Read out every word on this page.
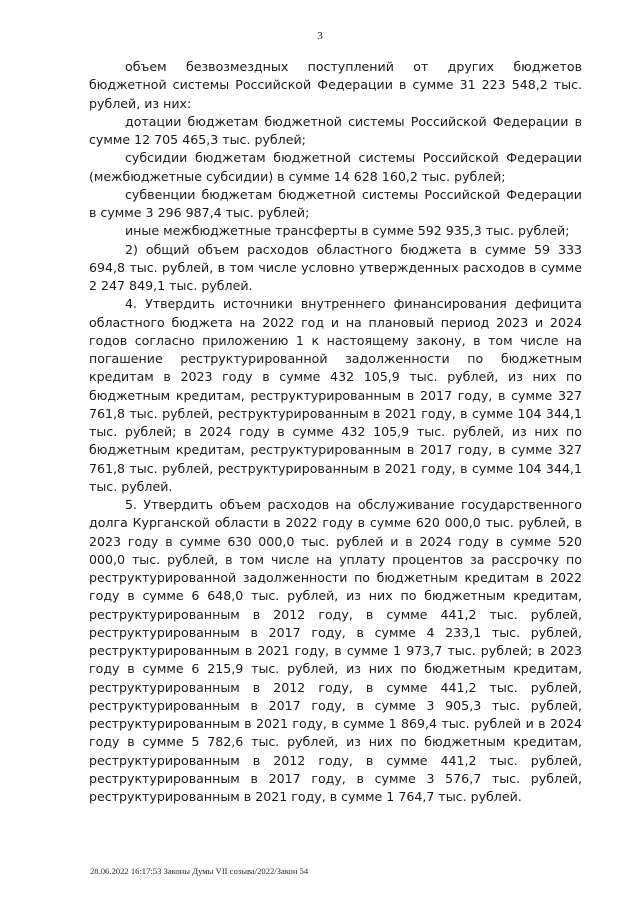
3

объем безвозмездных поступлений от других бюджетов бюджетной системы Российской Федерации в сумме 31 223 548,2 тыс. рублей, из них:

дотации бюджетам бюджетной системы Российской Федерации в сумме 12 705 465,3 тыс. рублей;

субсидии бюджетам бюджетной системы Российской Федерации (межбюджетные субсидии) в сумме 14 628 160,2 тыс. рублей;

субвенции бюджетам бюджетной системы Российской Федерации в сумме 3 296 987,4 тыс. рублей;

иные межбюджетные трансферты в сумме 592 935,3 тыс. рублей;

2) общий объем расходов областного бюджета в сумме 59 333 694,8 тыс. рублей, в том числе условно утвержденных расходов в сумме 2 247 849,1 тыс. рублей.

4. Утвердить источники внутреннего финансирования дефицита областного бюджета на 2022 год и на плановый период 2023 и 2024 годов согласно приложению 1 к настоящему закону, в том числе на погашение реструктурированной задолженности по бюджетным кредитам в 2023 году в сумме 432 105,9 тыс. рублей, из них по бюджетным кредитам, реструктурированным в 2017 году, в сумме 327 761,8 тыс. рублей, реструктурированным в 2021 году, в сумме 104 344,1 тыс. рублей; в 2024 году в сумме 432 105,9 тыс. рублей, из них по бюджетным кредитам, реструктурированным в 2017 году, в сумме 327 761,8 тыс. рублей, реструктурированным в 2021 году, в сумме 104 344,1 тыс. рублей.

5. Утвердить объем расходов на обслуживание государственного долга Курганской области в 2022 году в сумме 620 000,0 тыс. рублей, в 2023 году в сумме 630 000,0 тыс. рублей и в 2024 году в сумме 520 000,0 тыс. рублей, в том числе на уплату процентов за рассрочку по реструктурированной задолженности по бюджетным кредитам в 2022 году в сумме 6 648,0 тыс. рублей, из них по бюджетным кредитам, реструктурированным в 2012 году, в сумме 441,2 тыс. рублей, реструктурированным в 2017 году, в сумме 4 233,1 тыс. рублей, реструктурированным в 2021 году, в сумме 1 973,7 тыс. рублей; в 2023 году в сумме 6 215,9 тыс. рублей, из них по бюджетным кредитам, реструктурированным в 2012 году, в сумме 441,2 тыс. рублей, реструктурированным в 2017 году, в сумме 3 905,3 тыс. рублей, реструктурированным в 2021 году, в сумме 1 869,4 тыс. рублей и в 2024 году в сумме 5 782,6 тыс. рублей, из них по бюджетным кредитам, реструктурированным в 2012 году, в сумме 441,2 тыс. рублей, реструктурированным в 2017 году, в сумме 3 576,7 тыс. рублей, реструктурированным в 2021 году, в сумме 1 764,7 тыс. рублей.

28.06.2022 16:17:53 Законы Думы VII созыва/2022/Закон 54
